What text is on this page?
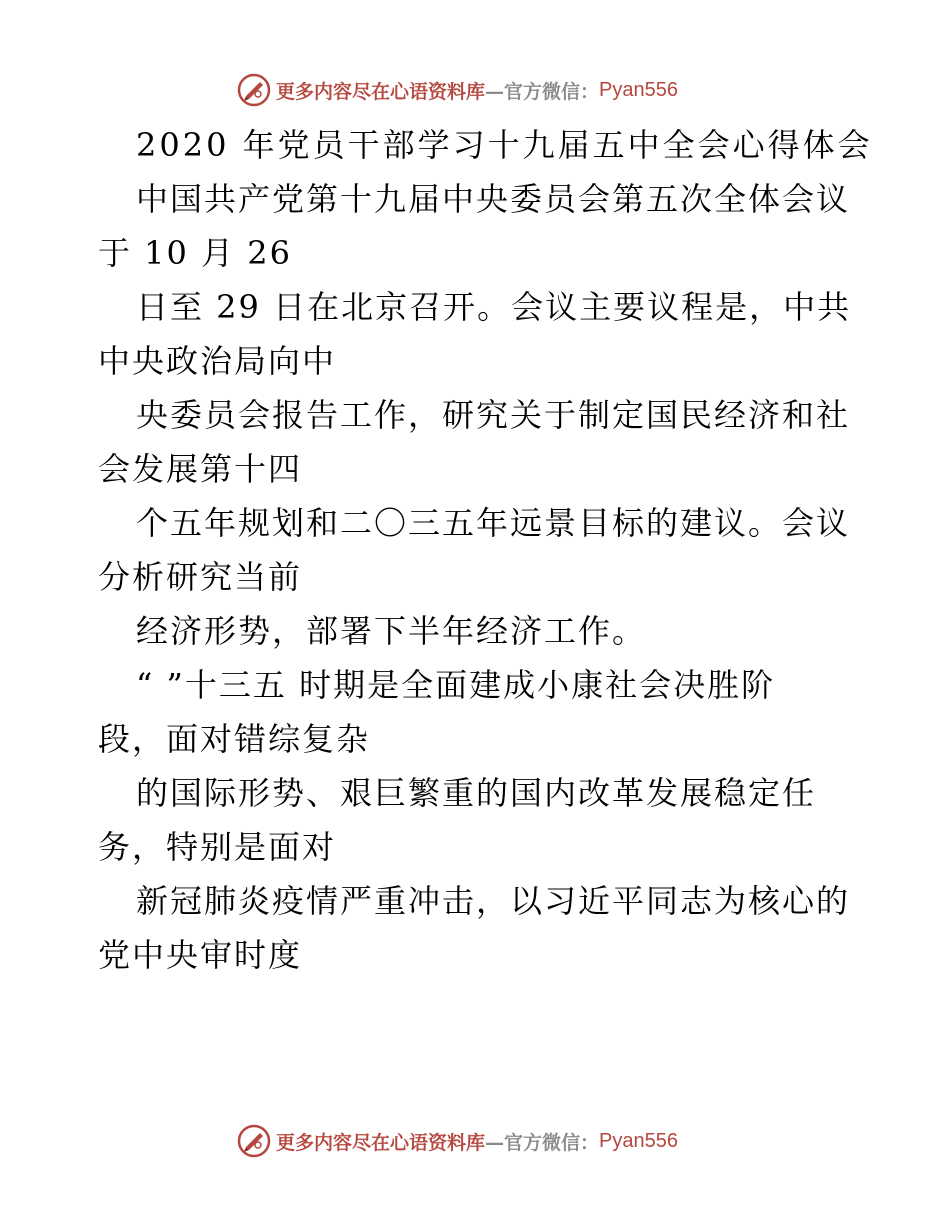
更多内容尽在心语资料库 —官方微信： Pyan556
2020 年党员干部学习十九届五中全会心得体会
中国共产党第十九届中央委员会第五次全体会议
于 10 月 26
日至 29 日在北京召开。会议主要议程是，中共
中央政治局向中
央委员会报告工作，研究关于制定国民经济和社
会发展第十四
个五年规划和二〇三五年远景目标的建议。会议
分析研究当前
经济形势，部署下半年经济工作。
“ ”十三五 时期是全面建成小康社会决胜阶
段，面对错综复杂
的国际形势、艰巨繁重的国内改革发展稳定任
务，特别是面对
新冠肺炎疫情严重冲击，以习近平同志为核心的
党中央审时度
更多内容尽在心语资料库 —官方微信： Pyan556
